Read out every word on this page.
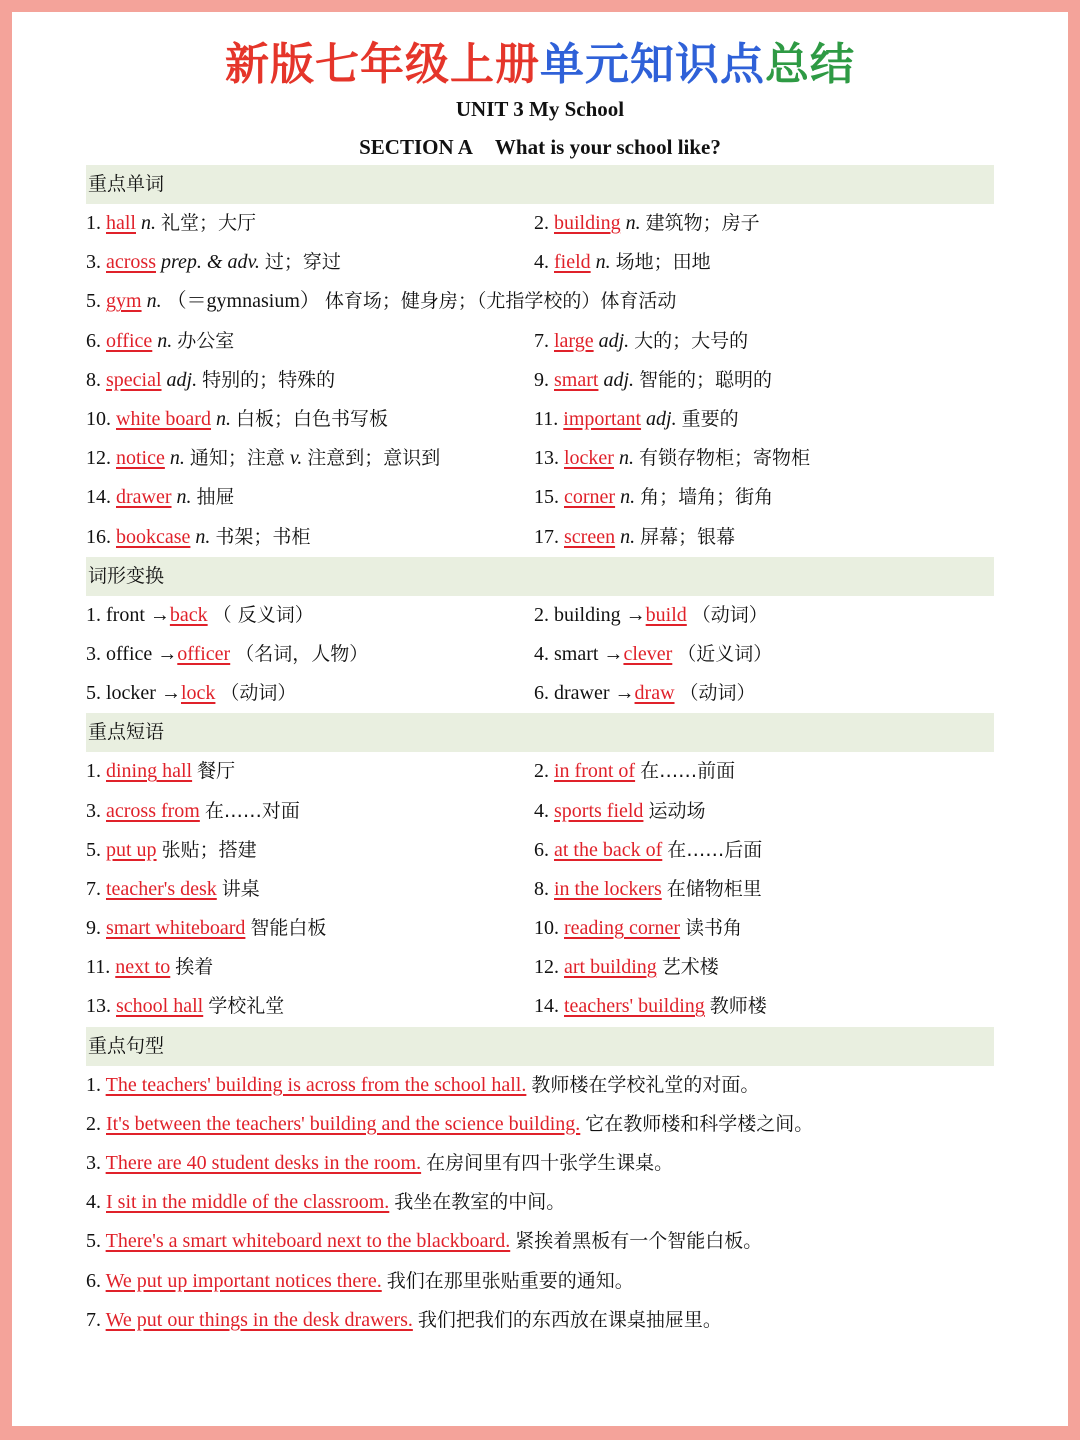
新版七年级上册单元知识点总结
UNIT 3 My School
SECTION A What is your school like?
重点单词
1. hall n. 礼堂；大厅	2. building n. 建筑物；房子
3. across prep. & adv. 过；穿过	4. field n. 场地；田地
5. gym n. （＝gymnasium） 体育场；健身房；（尤指学校的）体育活动
6. office n. 办公室	7. large adj. 大的；大号的
8. special adj. 特别的；特殊的	9. smart adj. 智能的；聪明的
10. white board n. 白板；白色书写板	11. important adj. 重要的
12. notice n. 通知；注意 v. 注意到；意识到	13. locker n. 有锁存物柜；寄物柜
14. drawer n. 抽屉	15. corner n. 角；墙角；街角
16. bookcase n. 书架；书柜	17. screen n. 屏幕；银幕
词形变换
1. front →back （ 反义词）	2. building →build （动词）
3. office →officer （名词，人物）	4. smart →clever （近义词）
5. locker →lock （动词）	6. drawer →draw （动词）
重点短语
1. dining hall 餐厅	2. in front of 在……前面
3. across from 在……对面	4. sports field 运动场
5. put up 张贴；搭建	6. at the back of 在……后面
7. teacher's desk 讲桌	8. in the lockers 在储物柜里
9. smart whiteboard 智能白板	10. reading corner 读书角
11. next to 挨着	12. art building 艺术楼
13. school hall 学校礼堂	14. teachers' building 教师楼
重点句型
1. The teachers' building is across from the school hall. 教师楼在学校礼堂的对面。
2. It's between the teachers' building and the science building. 它在教师楼和科学楼之间。
3. There are 40 student desks in the room. 在房间里有四十张学生课桌。
4. I sit in the middle of the classroom. 我坐在教室的中间。
5. There's a smart whiteboard next to the blackboard. 紧挨着黑板有一个智能白板。
6. We put up important notices there. 我们在那里张贴重要的通知。
7. We put our things in the desk drawers. 我们把我们的东西放在课桌抽屉里。
